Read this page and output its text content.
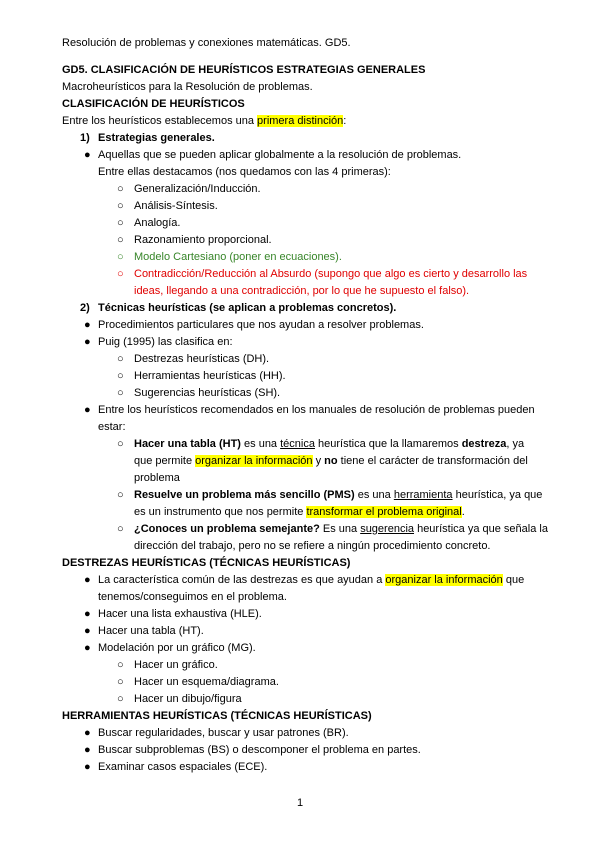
Resolución de problemas y conexiones matemáticas. GD5.
GD5. CLASIFICACIÓN DE HEURÍSTICOS ESTRATEGIAS GENERALES
Macroheurísticos para la Resolución de problemas.
CLASIFICACIÓN DE HEURÍSTICOS
Entre los heurísticos establecemos una primera distinción:
1) Estrategias generales.
● Aquellas que se pueden aplicar globalmente a la resolución de problemas.
Entre ellas destacamos (nos quedamos con las 4 primeras):
○ Generalización/Inducción.
○ Análisis-Síntesis.
○ Analogía.
○ Razonamiento proporcional.
○ Modelo Cartesiano (poner en ecuaciones).
○ Contradicción/Reducción al Absurdo (supongo que algo es cierto y desarrollo las
ideas, llegando a una contradicción, por lo que he supuesto el falso).
2) Técnicas heurísticas (se aplican a problemas concretos).
● Procedimientos particulares que nos ayudan a resolver problemas.
● Puig (1995) las clasifica en:
○ Destrezas heurísticas (DH).
○ Herramientas heurísticas (HH).
○ Sugerencias heurísticas (SH).
● Entre los heurísticos recomendados en los manuales de resolución de problemas pueden
estar:
○ Hacer una tabla (HT) es una técnica heurística que la llamaremos destreza, ya
que permite organizar la información y no tiene el carácter de transformación del
problema
○ Resuelve un problema más sencillo (PMS) es una herramienta heurística, ya que
es un instrumento que nos permite transformar el problema original.
○ ¿Conoces un problema semejante? Es una sugerencia heurística ya que señala la
dirección del trabajo, pero no se refiere a ningún procedimiento concreto.
DESTREZAS HEURÍSTICAS (TÉCNICAS HEURÍSTICAS)
● La característica común de las destrezas es que ayudan a organizar la información que
tenemos/conseguimos en el problema.
● Hacer una lista exhaustiva (HLE).
● Hacer una tabla (HT).
● Modelación por un gráfico (MG).
○ Hacer un gráfico.
○ Hacer un esquema/diagrama.
○ Hacer un dibujo/figura
HERRAMIENTAS HEURÍSTICAS (TÉCNICAS HEURÍSTICAS)
● Buscar regularidades, buscar y usar patrones (BR).
● Buscar subproblemas (BS) o descomponer el problema en partes.
● Examinar casos espaciales (ECE).
1
